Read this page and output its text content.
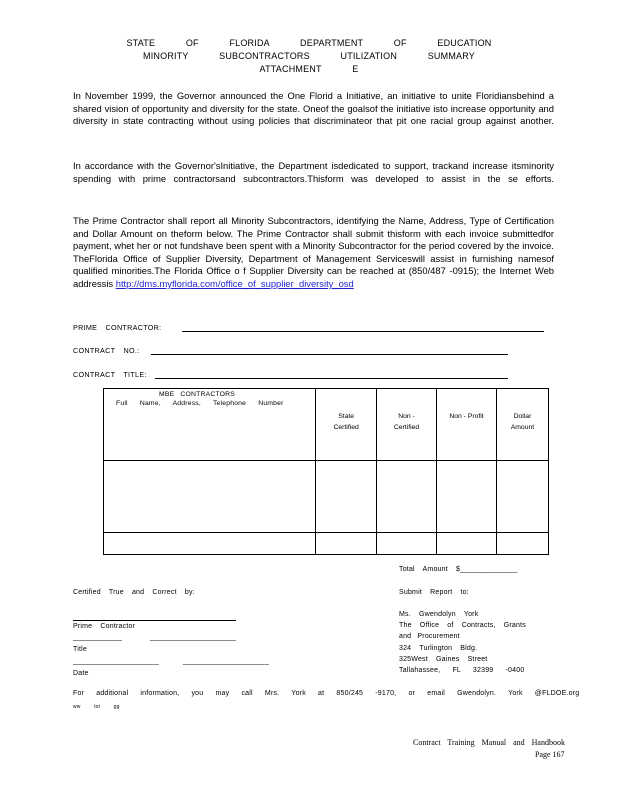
STATE OF FLORIDA DEPARTMENT OF EDUCATION
MINORITY SUBCONTRACTORS UTILIZATION SUMMARY
ATTACHMENT E
In November 1999, the Governor announced the One Florid a Initiative, an initiative to unite Floridiansbehind a shared vision of opportunity and diversity for the state. Oneof the goalsof the initiative isto increase opportunity and diversity in state contracting without using policies that discriminateor that pit one racial group against another.
In accordance with the Governor'sInitiative, the Department isdedicated to support, trackand increase itsminority spending with prime contractorsand subcontractors.Thisform was developed to assist in the se efforts.
The Prime Contractor shall report all Minority Subcontractors, identifying the Name, Address, Type of Certification and Dollar Amount on theform below. The Prime Contractor shall submit thisform with each invoice submittedfor payment, whet her or not fundshave been spent with a Minority Subcontractor for the period covered by the invoice. TheFlorida Office of Supplier Diversity, Department of Management Serviceswill assist in furnishing namesof qualified minorities.The Florida Office o f Supplier Diversity can be reached at (850/487 -0915); the Internet Web addressis http://dms.myflorida.com/office_of_supplier_diversity_osd
PRIME CONTRACTOR:
CONTRACT NO.:
CONTRACT TITLE:
MBE CONTRACTORS
Full Name, Address, Telephone Number	State Certified	Non - Certified	Non - Profit	Dollar Amount

Total Amount $______________
Certified True and Correct by:
Prime Contractor
____________	_____________________
Title
_____________________	_____________________
Date
Submit Report to:
Ms. Gwendolyn York
The Office of Contracts, Grants
and Procurement
324 Turlington Bldg.
325West Gaines Street
Tallahassee, FL 32399 -0400
For additional information, you may call Mrs. York at 850/245 -9170, or email Gwendolyn. York @FLDOE.org
ww txt gg
Contract Training Manual and Handbook
Page 167
